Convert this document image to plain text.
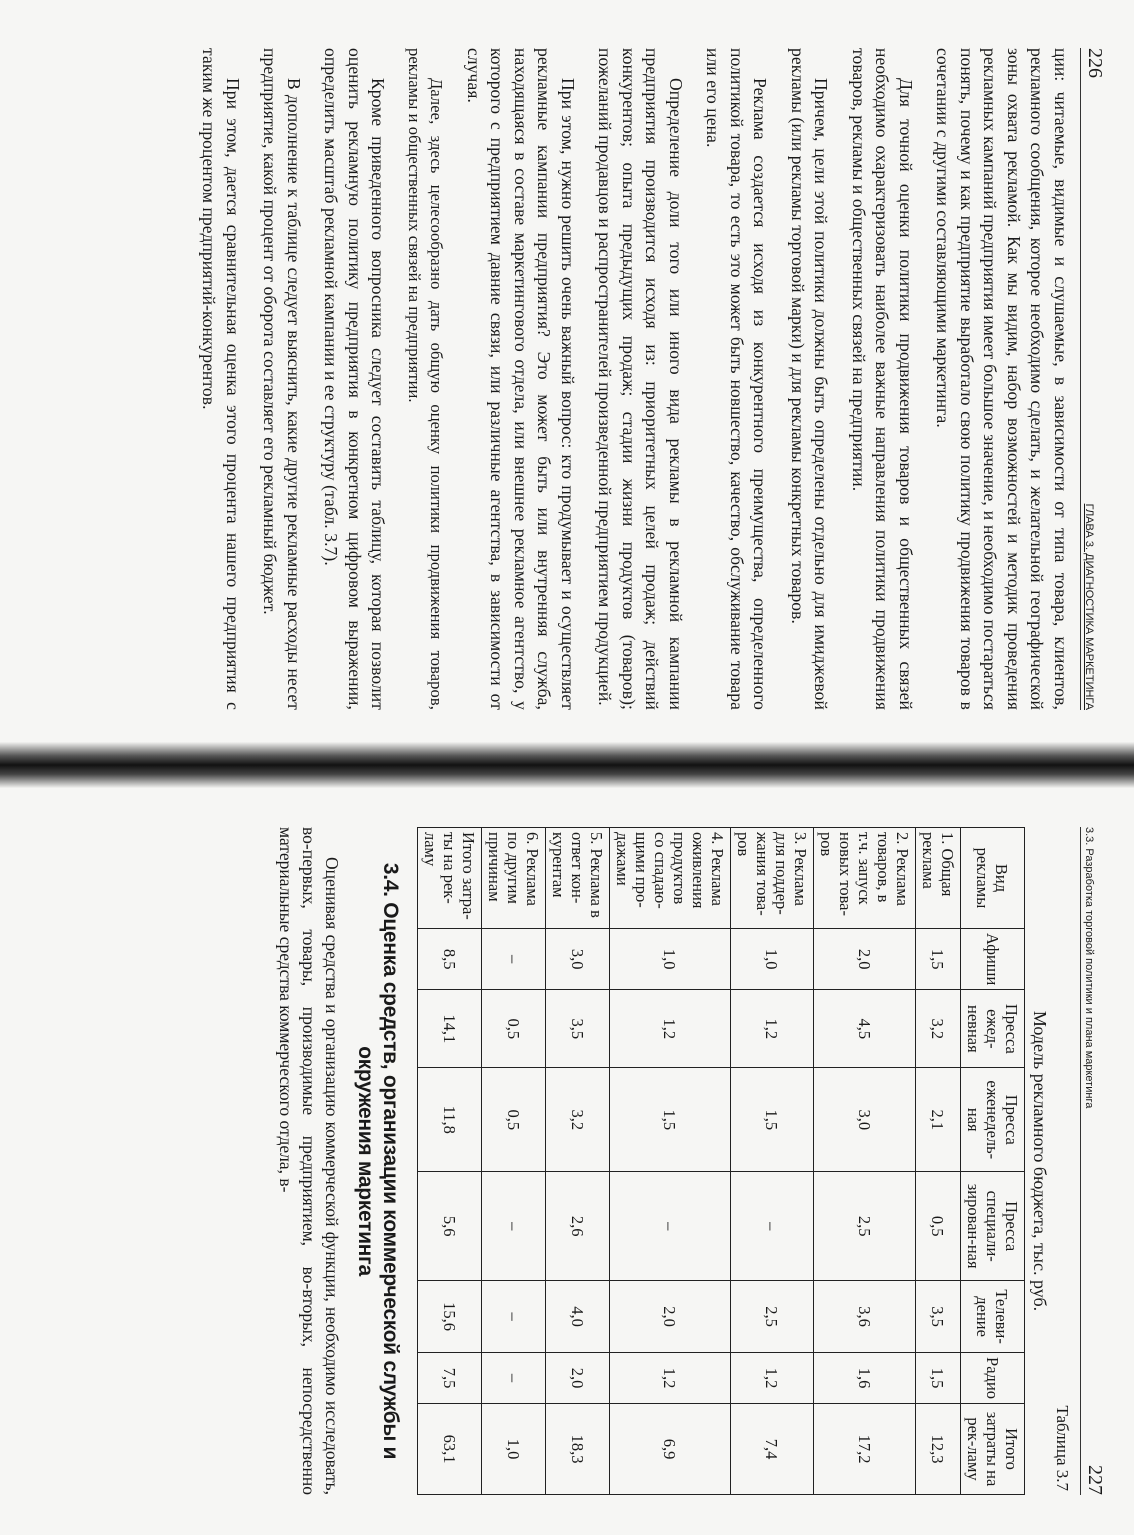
226
ГЛАВА 3. ДИАГНОСТИКА МАРКЕТИНГА

ции: читаемые, видимые и слушаемые, в зависимости от типа товара, клиентов, рекламного сообщения, которое необходимо сделать, и желательной географической зоны охвата рекламой. Как мы видим, набор возможностей и методик проведения рекламных кампаний предприятия имеет большое значение, и необходимо постараться понять, почему и как предприятие выработало свою политику продвижения товаров в сочетании с другими составляющими маркетинга.

Для точной оценки политики продвижения товаров и общественных связей необходимо охарактеризовать наиболее важные направления политики продвижения товаров, рекламы и общественных связей на предприятии.

Причем, цели этой политики должны быть определены отдельно для имиджевой рекламы (или рекламы торговой марки) и для рекламы конкретных товаров.

Реклама создается исходя из конкурентного преимущества, определенного политикой товара, то есть это может быть новшество, качество, обслуживание товара или его цена.

Определение доли того или иного вида рекламы в рекламной кампании предприятия производится исходя из: приоритетных целей продаж; действий конкурентов; опыта предыдущих продаж; стадии жизни продуктов (товаров); пожеланий продавцов и распространителей произведенной предприятием продукцией.

При этом, нужно решить очень важный вопрос: кто продумывает и осуществляет рекламные кампании предприятия? Это может быть или внутренняя служба, находящаяся в составе маркетингового отдела, или внешнее рекламное агентство, у которого с предприятием давние связи, или различные агентства, в зависимости от случая.

Далее, здесь целесообразно дать общую оценку политики продвижения товаров, рекламы и общественных связей на предприятии.

Кроме приведенного вопросника следует составить таблицу, которая позволит оценить рекламную политику предприятия в конкретном цифровом выражении, определить масштаб рекламной кампании и ее структуру (табл. 3.7).

В дополнение к таблице следует выяснить, какие другие рекламные расходы несет предприятие, какой процент от оборота составляет его рекламный бюджет.

При этом, дается сравнительная оценка этого процента нашего предприятия с таким же процентом предприятий-конкурентов.

3.3. Разработка торговой политики и плана маркетинга
227
Таблица 3.7
Модель рекламного бюджета, тыс. руб.
Вид рекламы	Афиши	Пресса ежед-невная	Пресса еженедель-ная	Пресса специали-зирован-ная	Телеви-дение	Радио	Итого затраты на рек-ламу
1. Общая реклама	1,5	3,2	2,1	0,5	3,5	1,5	12,3
2. Реклама товаров, в т.ч. запуск новых това-ров	2,0	4,5	3,0	2,5	3,6	1,6	17,2
3. Реклама для поддер-жания това-ров	1,0	1,2	1,5	–	2,5	1,2	7,4
4. Реклама оживления продуктов со спадаю-щими про-дажами	1,0	1,2	1,5	–	2,0	1,2	6,9
5. Реклама в ответ кон-курентам	3,0	3,5	3,2	2,6	4,0	2,0	18,3
6. Реклама по другим причинам	–	0,5	0,5	–	–	–	1,0
Итого затра-ты на рек-ламу	8,5	14,1	11,8	5,6	15,6	7,5	63,1
3.4. Оценка средств, организации коммерческой службы и окружения маркетинга

Оценивая средства и организацию коммерческой функции, необходимо исследовать, во-первых, товары, производимые предприятием, во-вторых, непосредственно материальные средства коммерческого отдела, в-
